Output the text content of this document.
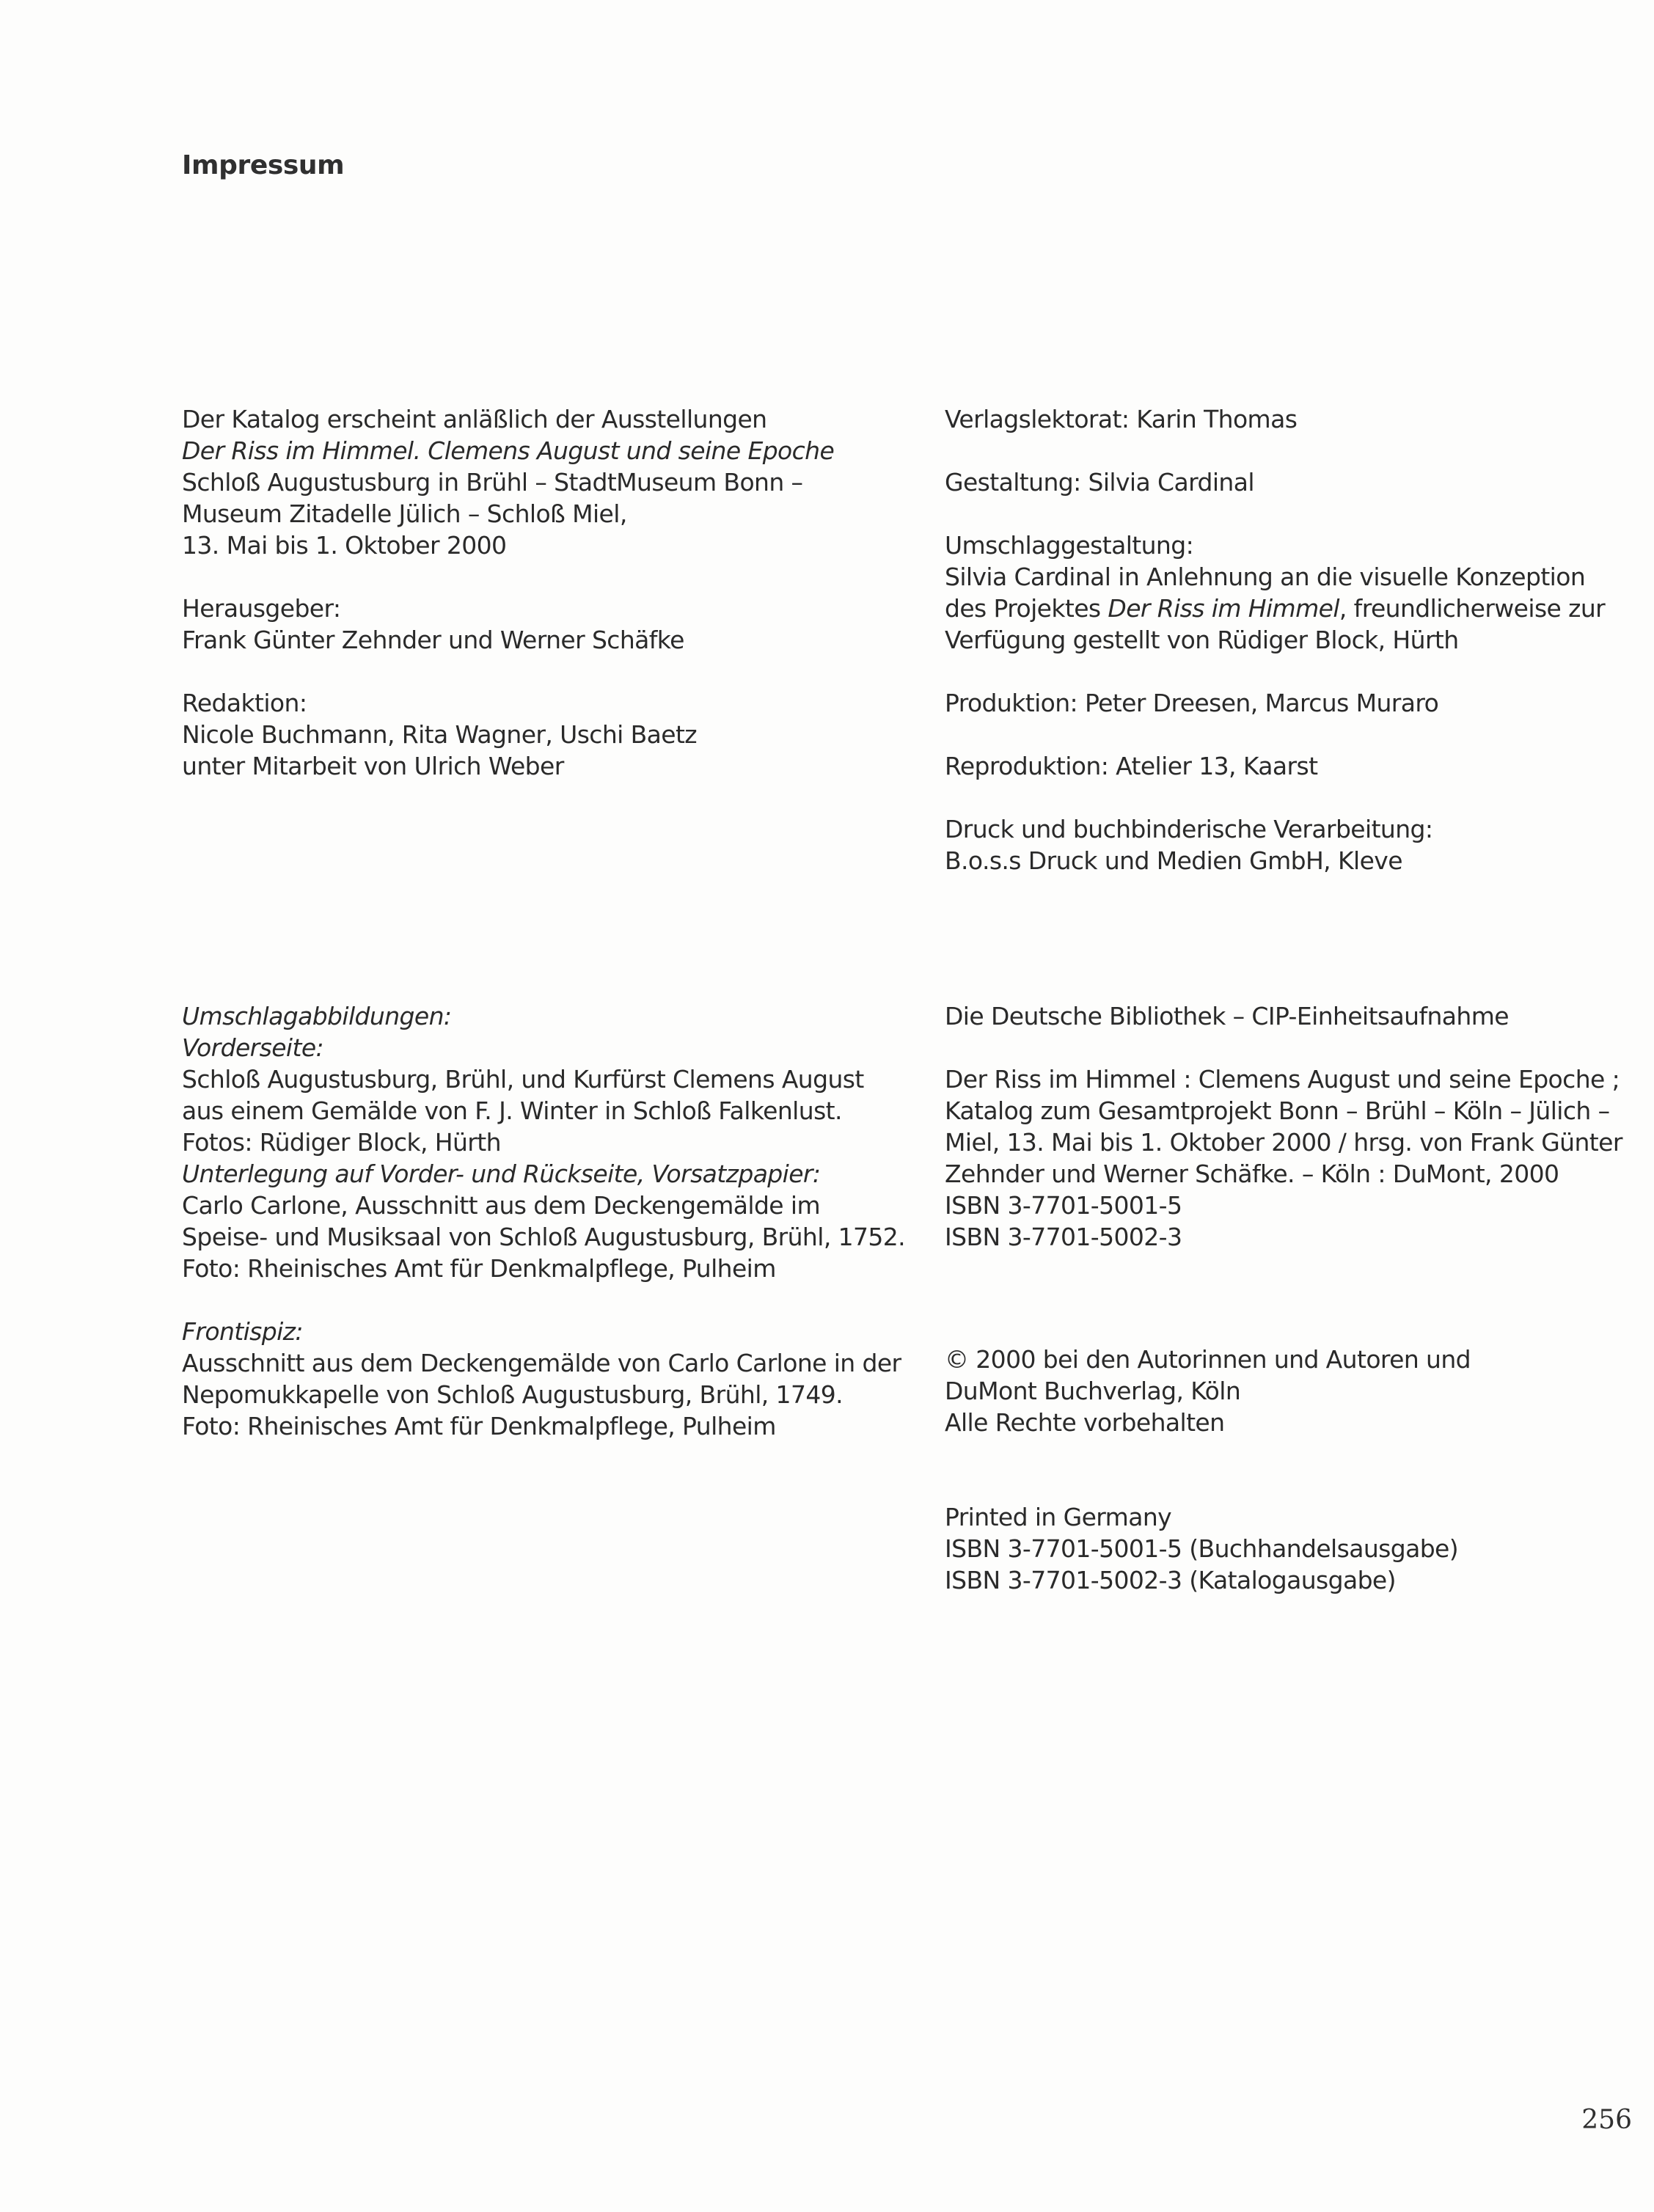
Impressum

Der Katalog erscheint anläßlich der Ausstellungen

Der Riss im Himmel. Clemens August und seine Epoche

Schloß Augustusburg in Brühl – StadtMuseum Bonn –

Museum Zitadelle Jülich – Schloß Miel,

13. Mai bis 1. Oktober 2000

Herausgeber:

Frank Günter Zehnder und Werner Schäfke

Redaktion:

Nicole Buchmann, Rita Wagner, Uschi Baetz

unter Mitarbeit von Ulrich Weber

Verlagslektorat: Karin Thomas

Gestaltung: Silvia Cardinal

Umschlaggestaltung:

Silvia Cardinal in Anlehnung an die visuelle Konzeption

des Projektes Der Riss im Himmel, freundlicherweise zur

Verfügung gestellt von Rüdiger Block, Hürth

Produktion: Peter Dreesen, Marcus Muraro

Reproduktion: Atelier 13, Kaarst

Druck und buchbinderische Verarbeitung:

B.o.s.s Druck und Medien GmbH, Kleve

Umschlagabbildungen:

Vorderseite:

Schloß Augustusburg, Brühl, und Kurfürst Clemens August

aus einem Gemälde von F. J. Winter in Schloß Falkenlust.

Fotos: Rüdiger Block, Hürth

Unterlegung auf Vorder- und Rückseite, Vorsatzpapier:

Carlo Carlone, Ausschnitt aus dem Deckengemälde im

Speise- und Musiksaal von Schloß Augustusburg, Brühl, 1752.

Foto: Rheinisches Amt für Denkmalpflege, Pulheim

Frontispiz:

Ausschnitt aus dem Deckengemälde von Carlo Carlone in der

Nepomukkapelle von Schloß Augustusburg, Brühl, 1749.

Foto: Rheinisches Amt für Denkmalpflege, Pulheim

Die Deutsche Bibliothek – CIP-Einheitsaufnahme

Der Riss im Himmel : Clemens August und seine Epoche ;

Katalog zum Gesamtprojekt Bonn – Brühl – Köln – Jülich –

Miel, 13. Mai bis 1. Oktober 2000 / hrsg. von Frank Günter

Zehnder und Werner Schäfke. – Köln : DuMont, 2000

ISBN 3-7701-5001-5

ISBN 3-7701-5002-3

© 2000 bei den Autorinnen und Autoren und

DuMont Buchverlag, Köln

Alle Rechte vorbehalten

Printed in Germany

ISBN 3-7701-5001-5 (Buchhandelsausgabe)

ISBN 3-7701-5002-3 (Katalogausgabe)

256
